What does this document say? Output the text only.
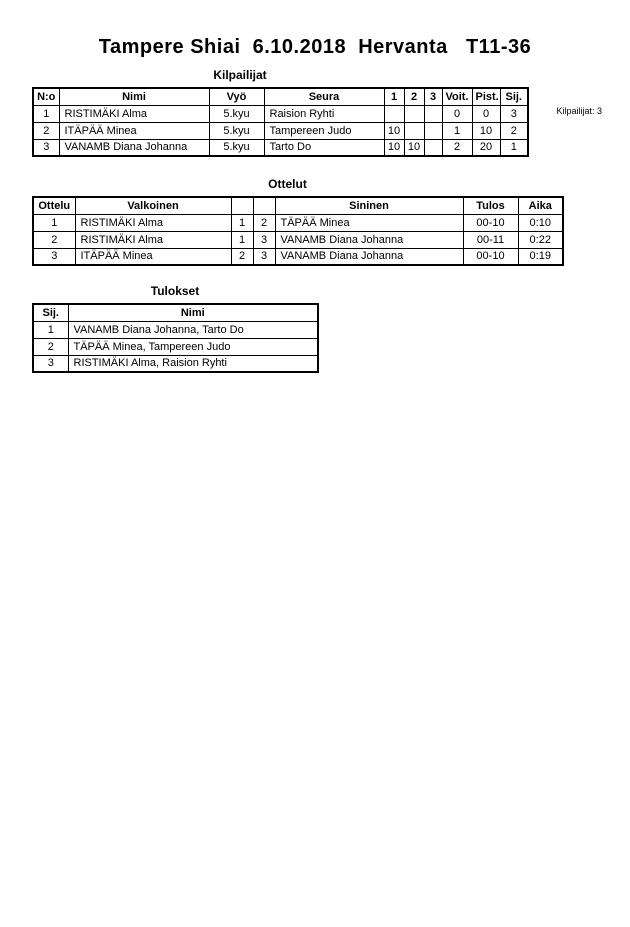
Tampere Shiai  6.10.2018  Hervanta   T11-36
Kilpailijat: 3
Kilpailijat
N:o	Nimi	Vyö	Seura	1	2	3	Voit.	Pist.	Sij.
1	RISTIMÄKI Alma	5.kyu	Raision Ryhti				0	0	3
2	ITÄPÄÄ Minea	5.kyu	Tampereen Judo	10			1	10	2
3	VANAMB Diana Johanna	5.kyu	Tarto Do	10	10		2	20	1
Ottelut
Ottelu	Valkoinen			Sininen	Tulos	Aika
1	RISTIMÄKI Alma	1	2	TÄPÄÄ Minea	00-10	0:10
2	RISTIMÄKI Alma	1	3	VANAMB Diana Johanna	00-11	0:22
3	ITÄPÄÄ Minea	2	3	VANAMB Diana Johanna	00-10	0:19
Tulokset
Sij.	Nimi
1	VANAMB Diana Johanna, Tarto Do
2	TÄPÄÄ Minea, Tampereen Judo
3	RISTIMÄKI Alma, Raision Ryhti
